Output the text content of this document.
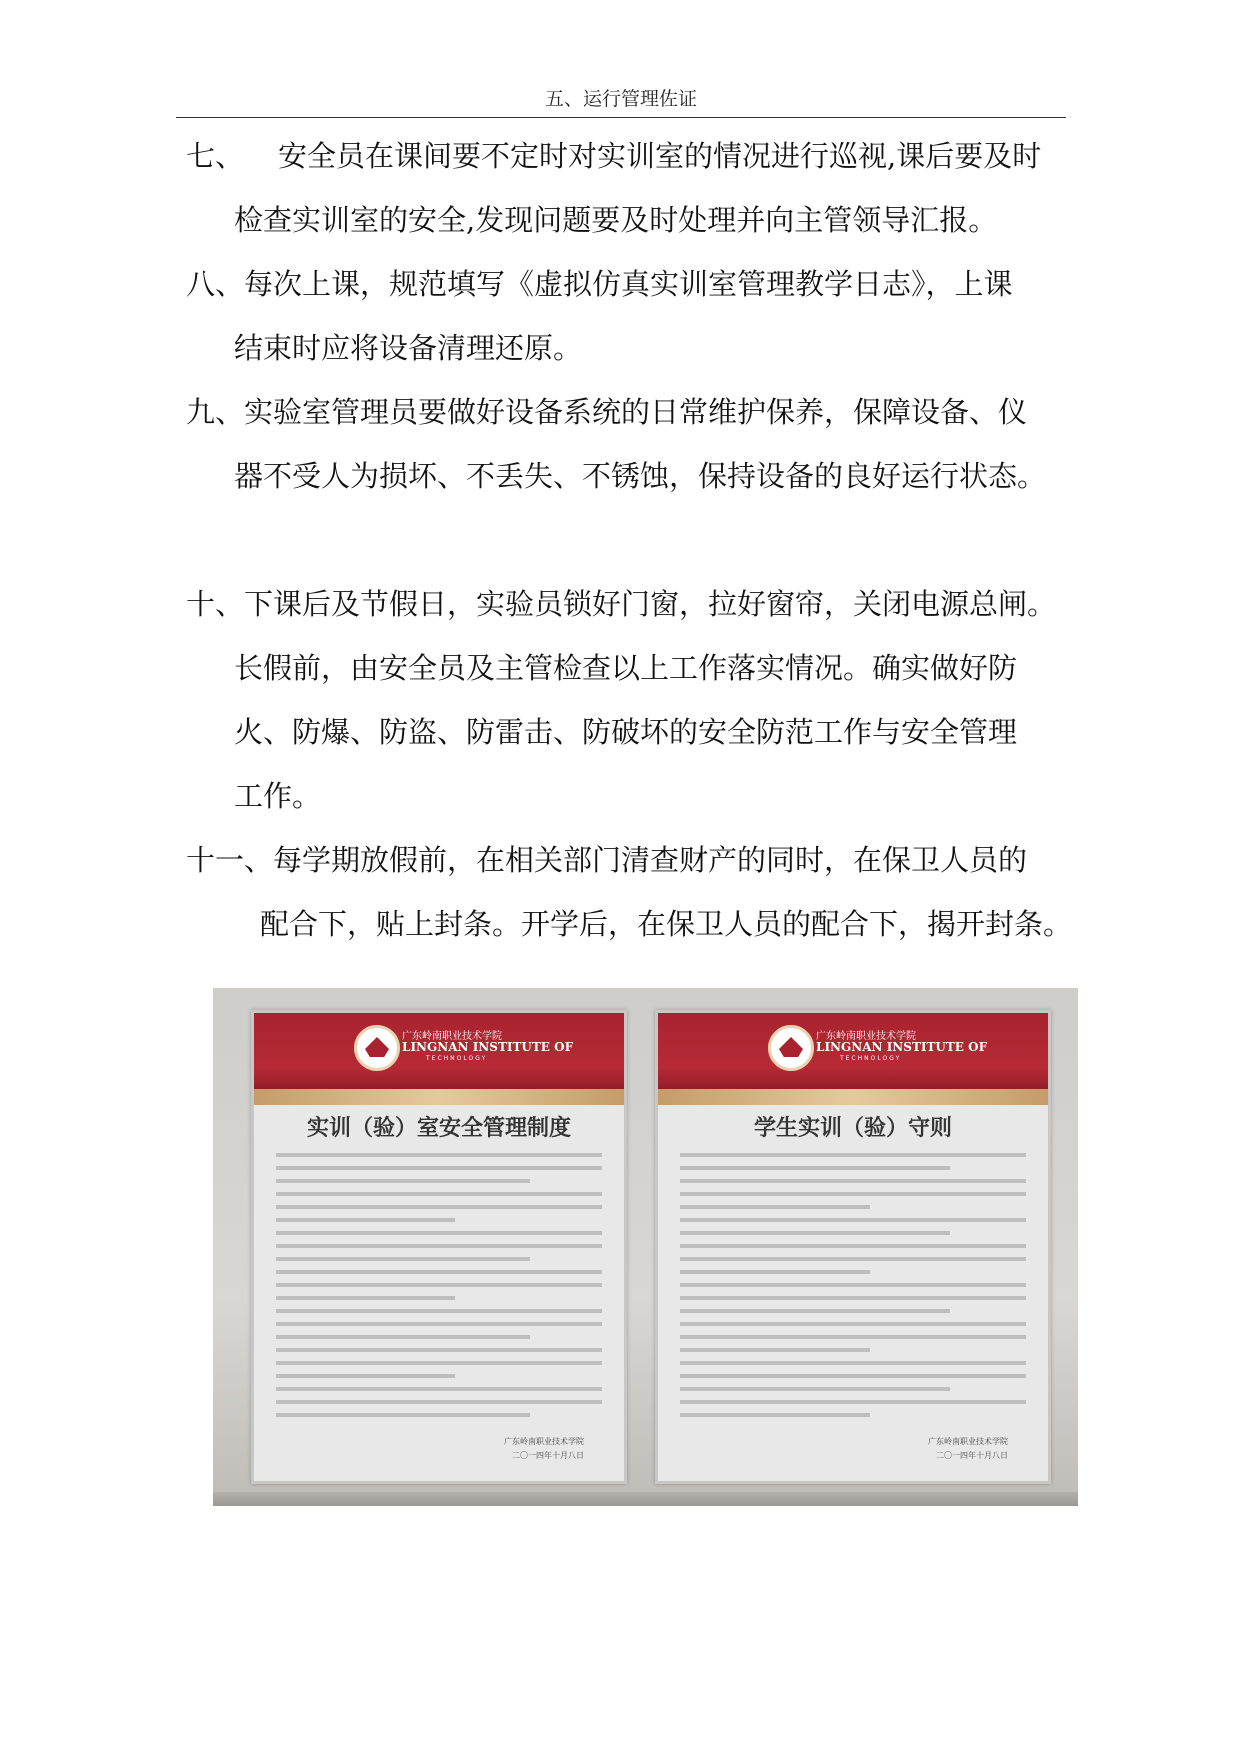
五、运行管理佐证
七、 安全员在课间要不定时对实训室的情况进行巡视,课后要及时
检查实训室的安全,发现问题要及时处理并向主管领导汇报。
八、每次上课，规范填写《虚拟仿真实训室管理教学日志》，上课
结束时应将设备清理还原。
九、实验室管理员要做好设备系统的日常维护保养，保障设备、仪
器不受人为损坏、不丢失、不锈蚀，保持设备的良好运行状态。
十、下课后及节假日，实验员锁好门窗，拉好窗帘，关闭电源总闸。
长假前，由安全员及主管检查以上工作落实情况。确实做好防
火、防爆、防盗、防雷击、防破坏的安全防范工作与安全管理
工作。
十一、每学期放假前，在相关部门清查财产的同时，在保卫人员的
配合下，贴上封条。开学后，在保卫人员的配合下，揭开封条。
广东岭南职业技术学院
LINGNAN INSTITUTE OF
TECHNOLOGY
实训（验）室安全管理制度
广东岭南职业技术学院
二〇一四年十月八日
广东岭南职业技术学院
LINGNAN INSTITUTE OF
TECHNOLOGY
学生实训（验）守则
广东岭南职业技术学院
二〇一四年十月八日
